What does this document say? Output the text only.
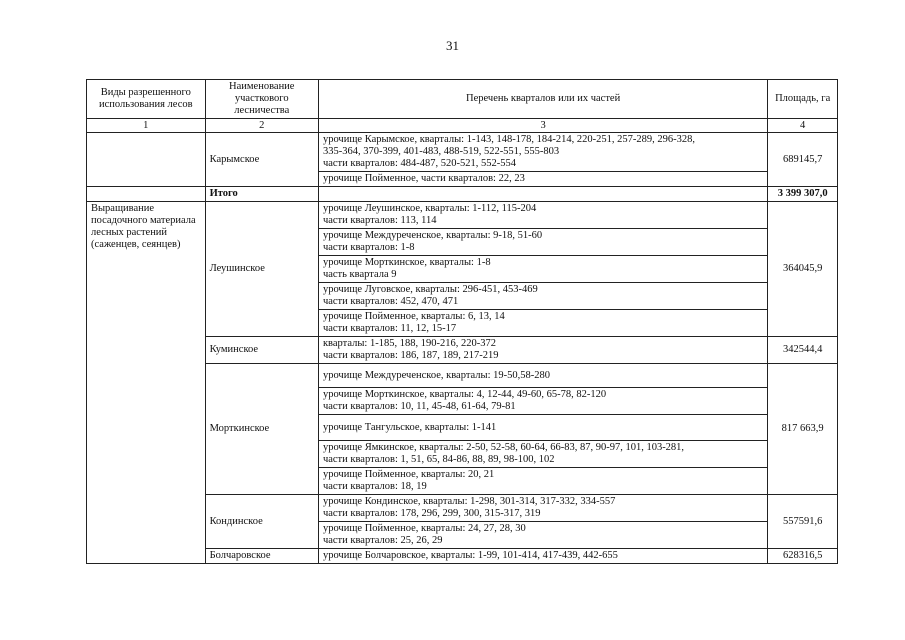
31
Виды разрешенного использования лесов	Наименование участкового лесничества	Перечень кварталов или их частей	Площадь, га
1	2	3	4
	Карымское	урочище Карымское, кварталы: 1-143, 148-178, 184-214, 220-251, 257-289, 296-328,
335-364, 370-399, 401-483, 488-519, 522-551, 555-803
части кварталов: 484-487, 520-521, 552-554	689145,7
		урочище Пойменное, части кварталов: 22, 23	
	Итого		3 399 307,0
Выращивание посадочного материала лесных растений (саженцев, сеянцев)	Леушинское	урочище Леушинское, кварталы: 1-112, 115-204
части кварталов: 113, 114	364045,9

		урочище Междуреченское, кварталы: 9-18, 51-60
части кварталов: 1-8	

		урочище Морткинское, кварталы: 1-8
часть квартала 9	

		урочище Луговское, кварталы: 296-451, 453-469
части кварталов: 452, 470, 471	

		урочище Пойменное, кварталы: 6, 13, 14
части кварталов: 11, 12, 15-17	

	Куминское	кварталы: 1-185, 188, 190-216, 220-372
части кварталов: 186, 187, 189, 217-219	342544,4
	Морткинское	урочище Междуреченское, кварталы: 19-50,58-280	817 663,9

		урочище Морткинское, кварталы: 4, 12-44, 49-60, 65-78, 82-120
части кварталов: 10, 11, 45-48, 61-64, 79-81	

		урочище Тангульское, кварталы: 1-141	

		урочище Ямкинское, кварталы: 2-50, 52-58, 60-64, 66-83, 87, 90-97, 101, 103-281,
части кварталов: 1, 51, 65, 84-86, 88, 89, 98-100, 102	

		урочище Пойменное, кварталы: 20, 21
части кварталов: 18, 19	

	Кондинское	урочище Кондинское, кварталы: 1-298, 301-314, 317-332, 334-557
части кварталов: 178, 296, 299, 300, 315-317, 319	557591,6

		урочище Пойменное, кварталы: 24, 27, 28, 30
части кварталов: 25, 26, 29	

	Болчаровское	урочище Болчаровское, кварталы: 1-99, 101-414, 417-439, 442-655	628316,5
